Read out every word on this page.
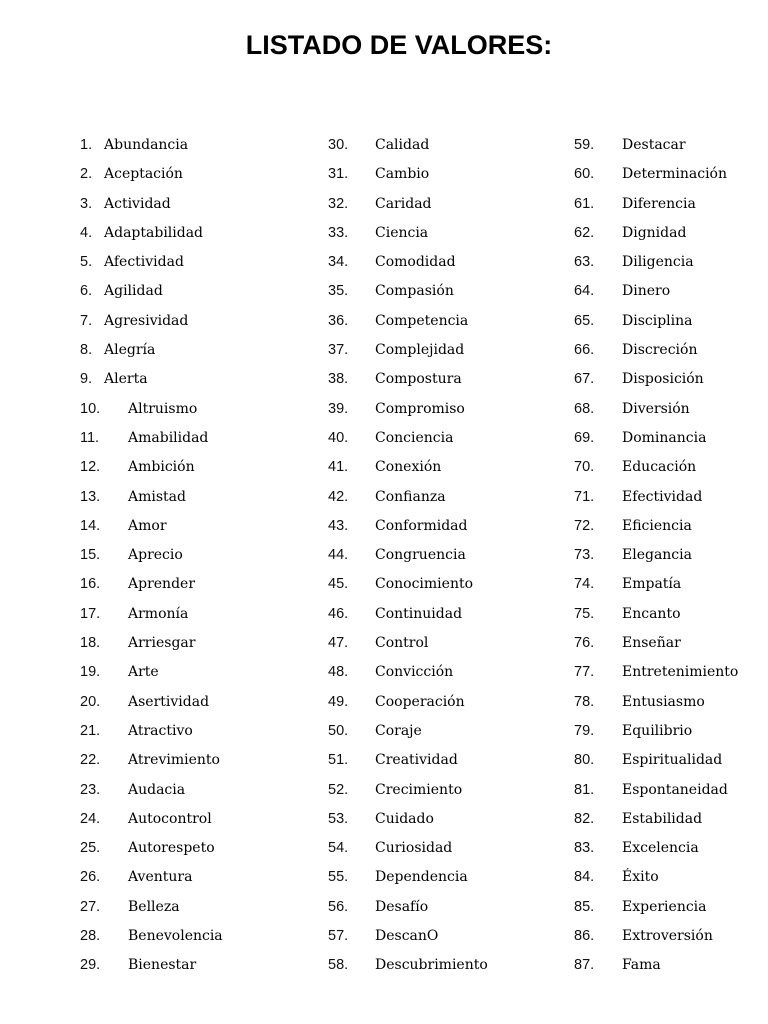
LISTADO DE VALORES:
1. Abundancia
2. Aceptación
3. Actividad
4. Adaptabilidad
5. Afectividad
6. Agilidad
7. Agresividad
8. Alegría
9. Alerta
10.	Altruismo
11.	Amabilidad
12.	Ambición
13.	Amistad
14.	Amor
15.	Aprecio
16.	Aprender
17.	Armonía
18.	Arriesgar
19.	Arte
20.	Asertividad
21.	Atractivo
22.	Atrevimiento
23.	Audacia
24.	Autocontrol
25.	Autorespeto
26.	Aventura
27.	Belleza
28.	Benevolencia
29.	Bienestar
30.	Calidad
31.	Cambio
32.	Caridad
33.	Ciencia
34.	Comodidad
35.	Compasión
36.	Competencia
37.	Complejidad
38.	Compostura
39.	Compromiso
40.	Conciencia
41.	Conexión
42.	Confianza
43.	Conformidad
44.	Congruencia
45.	Conocimiento
46.	Continuidad
47.	Control
48.	Convicción
49.	Cooperación
50.	Coraje
51.	Creatividad
52.	Crecimiento
53.	Cuidado
54.	Curiosidad
55.	Dependencia
56.	Desafío
57.	DescanO
58.	Descubrimiento
59.	Destacar
60.	Determinación
61.	Diferencia
62.	Dignidad
63.	Diligencia
64.	Dinero
65.	Disciplina
66.	Discreción
67.	Disposición
68.	Diversión
69.	Dominancia
70.	Educación
71.	Efectividad
72.	Eficiencia
73.	Elegancia
74.	Empatía
75.	Encanto
76.	Enseñar
77.	Entretenimiento
78.	Entusiasmo
79.	Equilibrio
80.	Espiritualidad
81.	Espontaneidad
82.	Estabilidad
83.	Excelencia
84.	Éxito
85.	Experiencia
86.	Extroversión
87.	Fama
